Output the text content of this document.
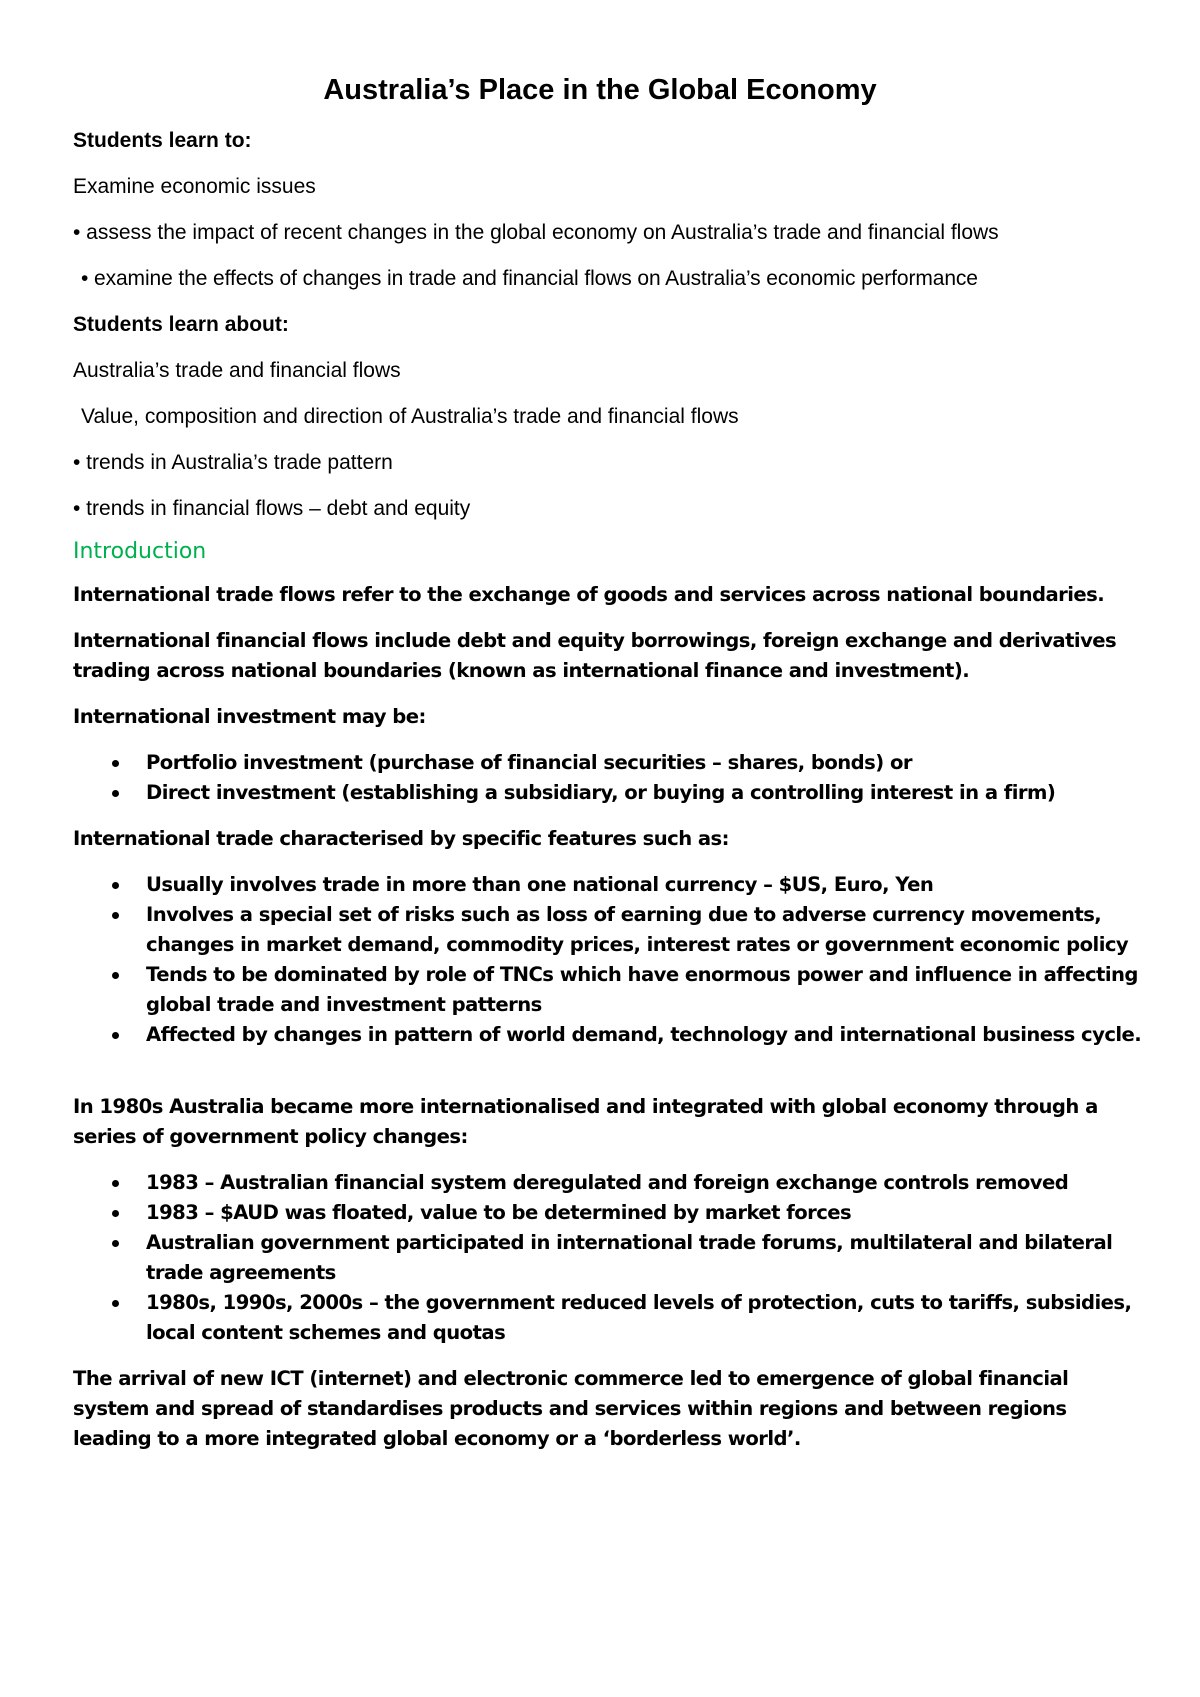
Australia’s Place in the Global Economy

Students learn to:

Examine economic issues

• assess the impact of recent changes in the global economy on Australia’s trade and financial flows

• examine the effects of changes in trade and financial flows on Australia’s economic performance

Students learn about:

Australia’s trade and financial flows

Value, composition and direction of Australia’s trade and financial flows

• trends in Australia’s trade pattern

• trends in financial flows – debt and equity

Introduction

International trade flows refer to the exchange of goods and services across national boundaries.

International financial flows include debt and equity borrowings, foreign exchange and derivatives trading across national boundaries (known as international finance and investment).

International investment may be:

Portfolio investment (purchase of financial securities – shares, bonds) or
Direct investment (establishing a subsidiary, or buying a controlling interest in a firm)

International trade characterised by specific features such as:

Usually involves trade in more than one national currency – $US, Euro, Yen
Involves a special set of risks such as loss of earning due to adverse currency movements, changes in market demand, commodity prices, interest rates or government economic policy
Tends to be dominated by role of TNCs which have enormous power and influence in affecting global trade and investment patterns
Affected by changes in pattern of world demand, technology and international business cycle.

In 1980s Australia became more internationalised and integrated with global economy through a series of government policy changes:

1983 – Australian financial system deregulated and foreign exchange controls removed
1983 – $AUD was floated, value to be determined by market forces
Australian government participated in international trade forums, multilateral and bilateral trade agreements
1980s, 1990s, 2000s – the government reduced levels of protection, cuts to tariffs, subsidies, local content schemes and quotas

The arrival of new ICT (internet) and electronic commerce led to emergence of global financial system and spread of standardises products and services within regions and between regions leading to a more integrated global economy or a ‘borderless world’.
